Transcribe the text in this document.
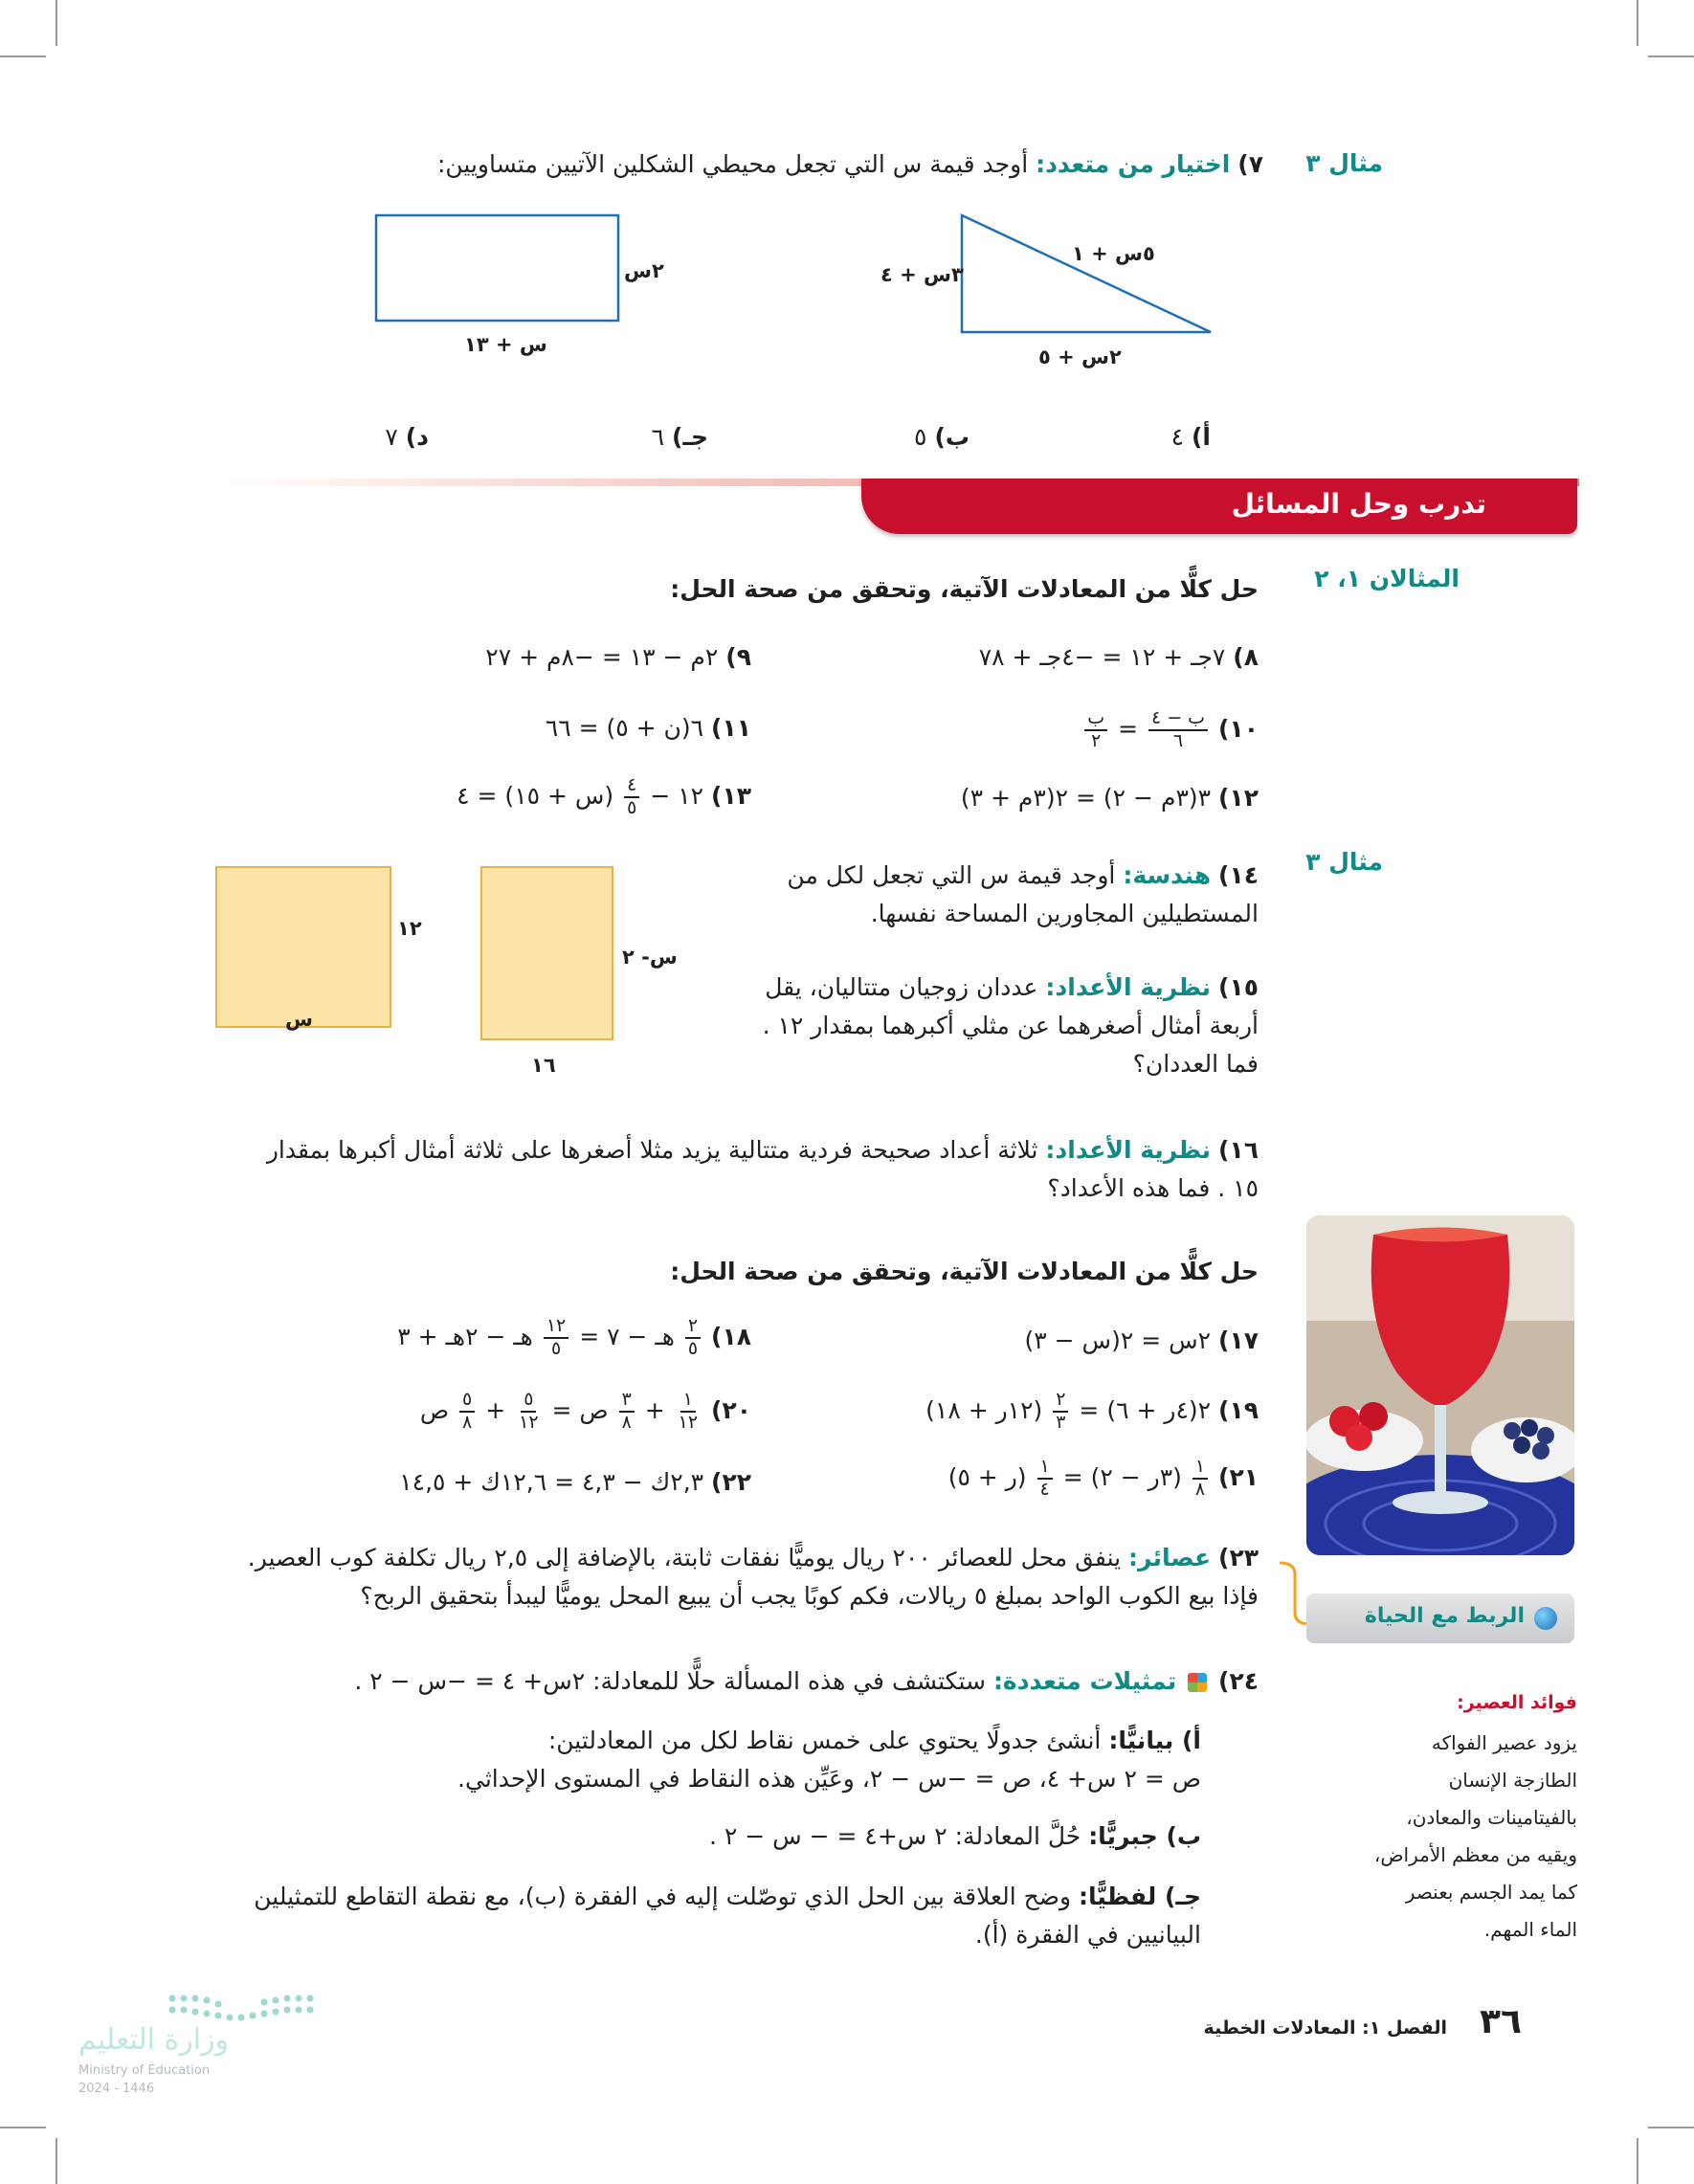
مثال ٣
٧) اختيار من متعدد: أوجد قيمة س التي تجعل محيطي الشكلين الآتيين متساويين:
٢س
س + ١٣
٥س + ١
٣س + ٤
٢س + ٥
أ) ٤
ب) ٥
جـ) ٦
د) ٧
تدرب وحل المسائل
المثالان ١، ٢
حل كلًّا من المعادلات الآتية، وتحقق من صحة الحل:
٨) ٧جـ + ١٢ = −٤جـ + ٧٨
٩) ٢م − ١٣ = −٨م + ٢٧
١٠)
$\frac{\text{ب − ٤}}{٦}$
=
$\frac{\text{ب}}{٢}$
١١) ٦(ن + ٥) = ٦٦
١٢) ٣(٣م − ٢) = ٢(٣م + ٣)
١٣) ١٢ −
$\frac{٤}{٥}$
(س + ١٥) = ٤
مثال ٣
١٤) هندسة: أوجد قيمة س التي تجعل لكل من المستطيلين المجاورين المساحة نفسها.
١٥) نظرية الأعداد: عددان زوجيان متتاليان، يقل أربعة أمثال أصغرهما عن مثلي أكبرهما بمقدار ١٢ . فما العددان؟
١٢
س
س- ٢
١٦
١٦) نظرية الأعداد: ثلاثة أعداد صحيحة فردية متتالية يزيد مثلا أصغرها على ثلاثة أمثال أكبرها بمقدار ١٥ . فما هذه الأعداد؟
حل كلًّا من المعادلات الآتية، وتحقق من صحة الحل:
١٧) ٢س = ٢(س − ٣)
١٨)
$\frac{٢}{٥}$
هـ − ٧ =
$\frac{١٢}{٥}$
هـ − ٢هـ + ٣
١٩) ٢(٤ر + ٦) =
$\frac{٢}{٣}$
(١٢ر + ١٨)
٢٠)
$\frac{١}{١٢}$
+
$\frac{٣}{٨}$
ص =
$\frac{٥}{١٢}$
+
$\frac{٥}{٨}$
ص
٢١)
$\frac{١}{٨}$
(٣ر − ٢) =
$\frac{١}{٤}$
(ر + ٥)
٢٢) ٢,٣ك − ٤,٣ = ١٢,٦ك + ١٤,٥
٢٣) عصائر: ينفق محل للعصائر ٢٠٠ ريال يوميًّا نفقات ثابتة، بالإضافة إلى ٢,٥ ريال تكلفة كوب العصير. فإذا بيع الكوب الواحد بمبلغ ٥ ريالات، فكم كوبًا يجب أن يبيع المحل يوميًّا ليبدأ بتحقيق الربح؟
٢٤)  تمثيلات متعددة: ستكتشف في هذه المسألة حلًّا للمعادلة: ٢س+ ٤ = −س − ٢ .
أ) بيانيًّا: أنشئ جدولًا يحتوي على خمس نقاط لكل من المعادلتين:
ص = ٢ س+ ٤، ص = −س − ٢، وعَيِّن هذه النقاط في المستوى الإحداثي.
ب) جبريًّا: حُلَّ المعادلة: ٢ س+٤ = − س − ٢ .
جـ) لفظيًّا: وضح العلاقة بين الحل الذي توصّلت إليه في الفقرة (ب)، مع نقطة التقاطع للتمثيلين البيانيين في الفقرة (أ).
الربط مع الحياة
فوائد العصير:
يزود عصير الفواكه الطازجة الإنسان بالفيتامينات والمعادن، ويقيه من معظم الأمراض، كما يمد الجسم بعنصر الماء المهم.
٣٦
الفصل ١: المعادلات الخطية
وزارة التعليم
Ministry of Education
2024 - 1446
